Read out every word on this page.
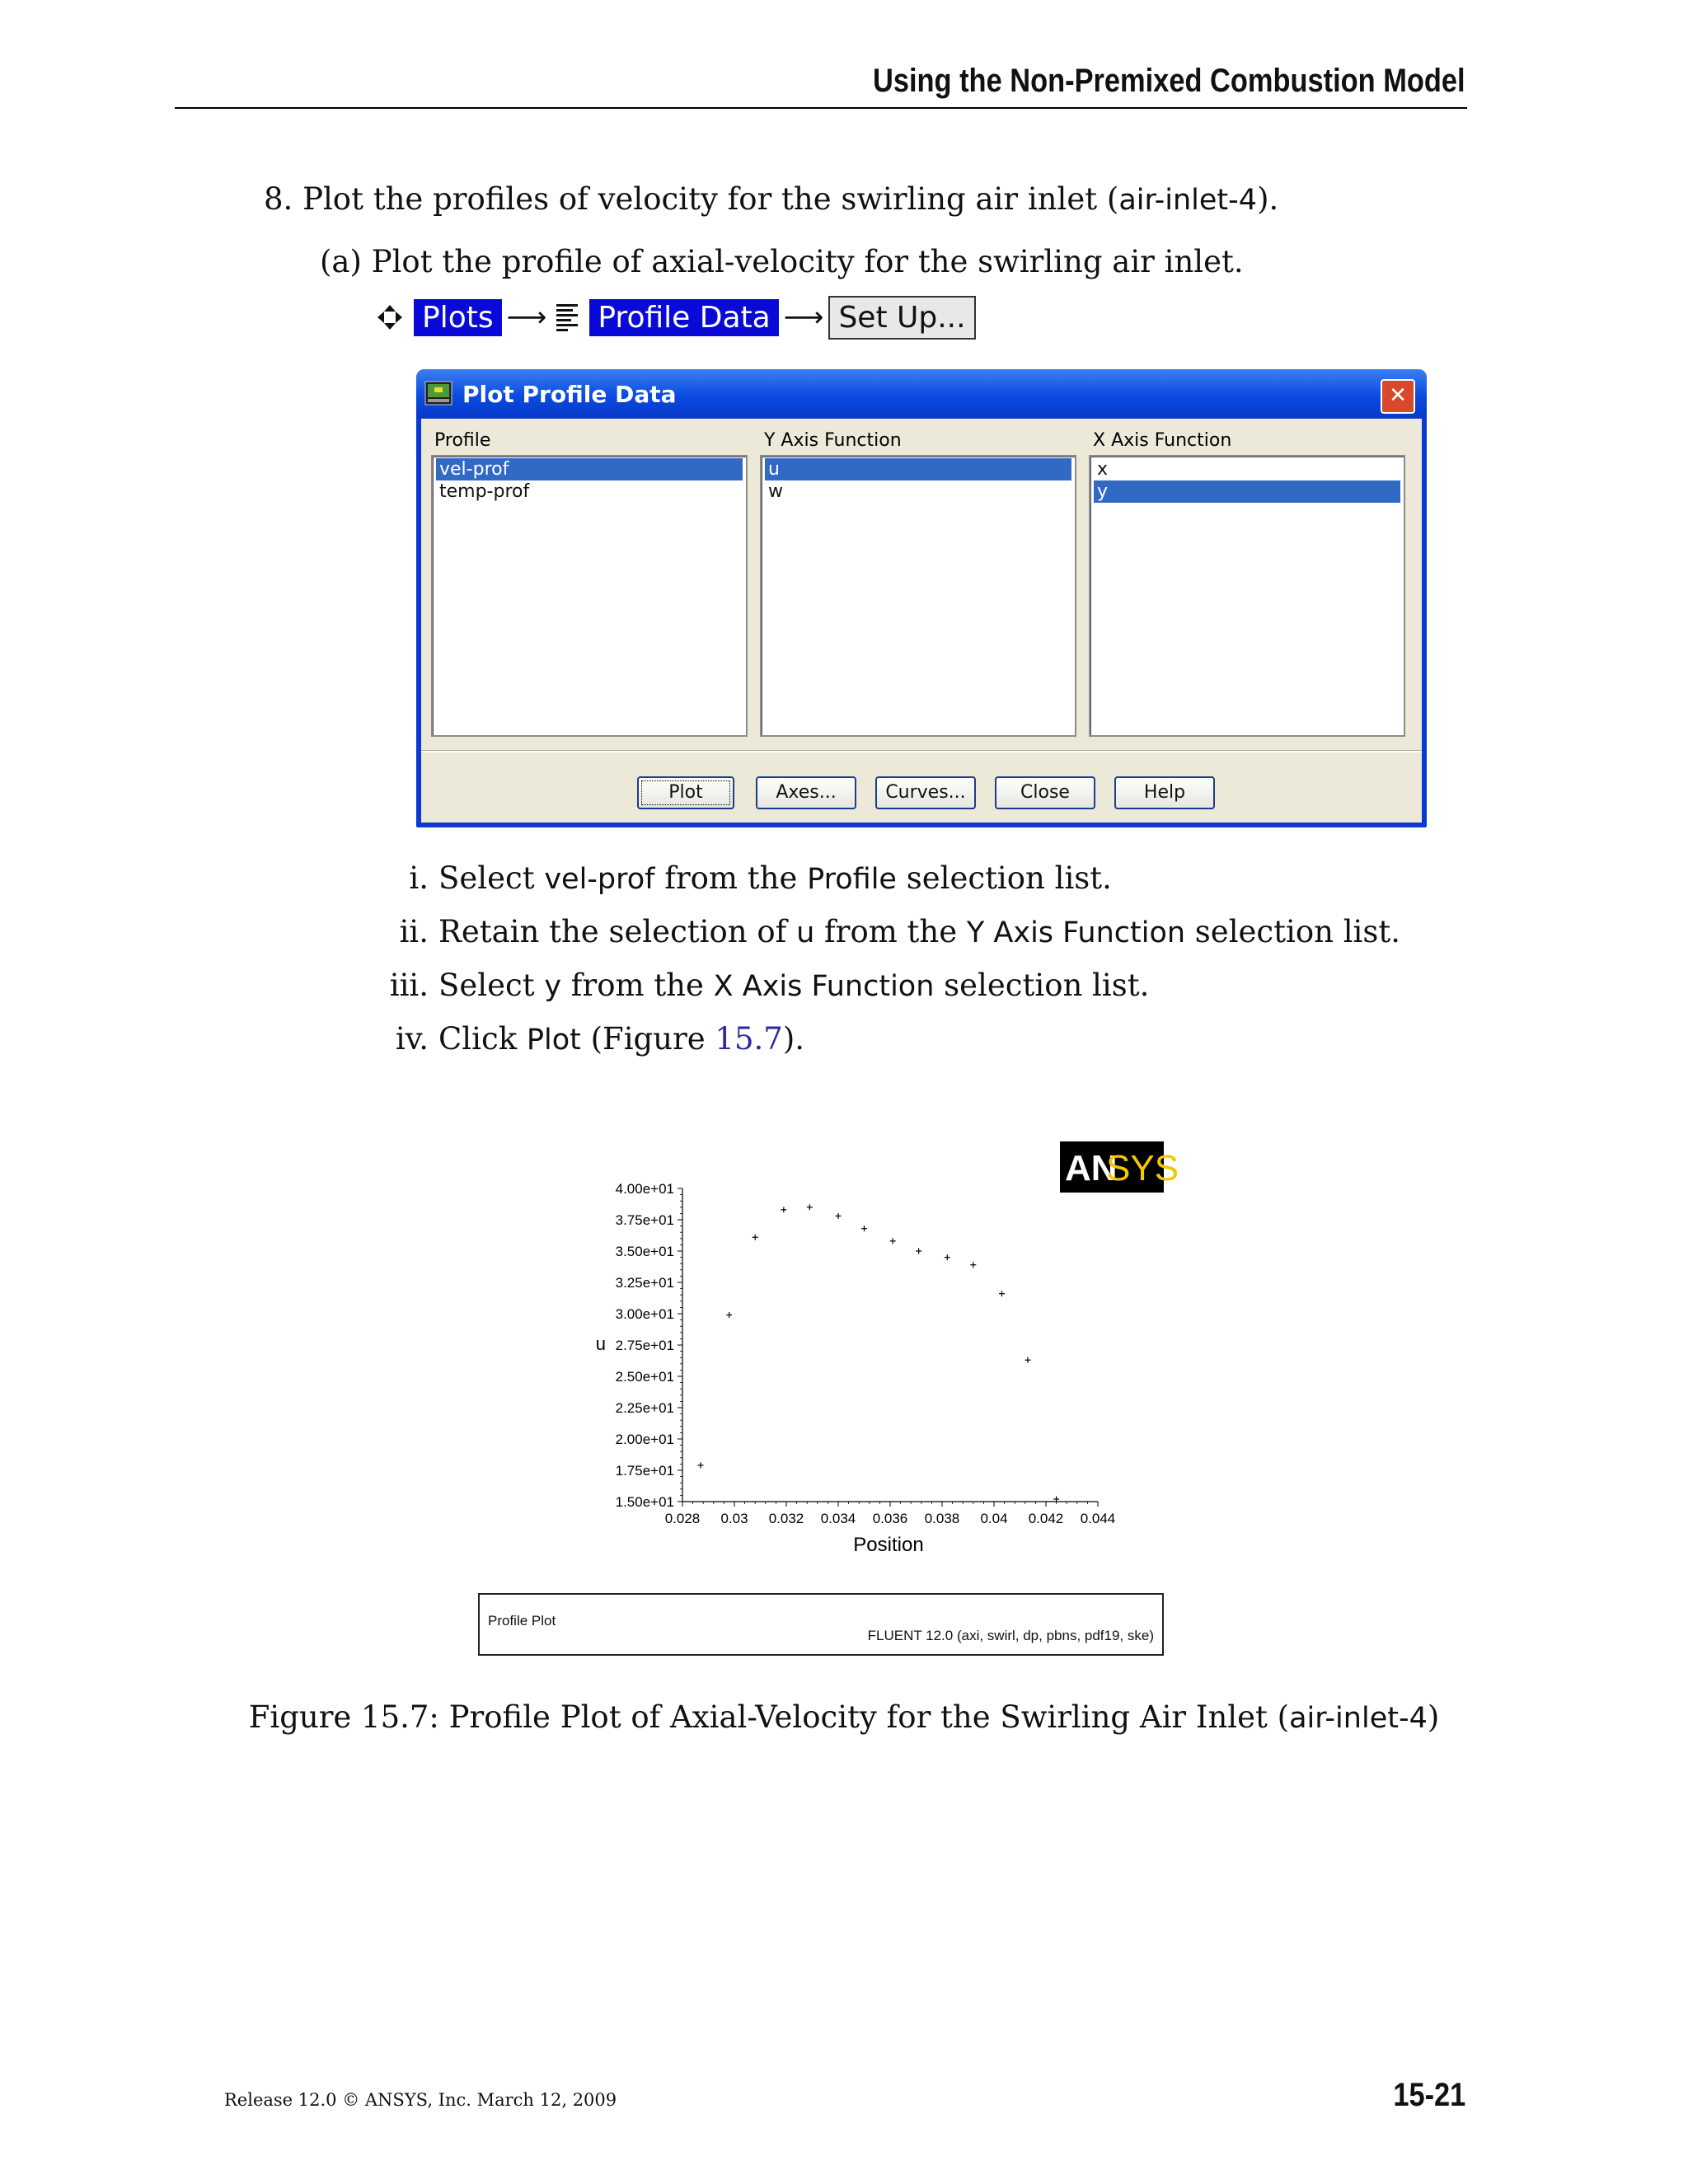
Using the Non-Premixed Combustion Model
8. Plot the profiles of velocity for the swirling air inlet (air-inlet-4).
(a) Plot the profile of axial-velocity for the swirling air inlet.
Plots ⟶ Profile Data ⟶ Set Up...
Plot Profile Data	✕
Profile	Y Axis Function	X Axis Function
vel-prof
temp-prof
u
w
x
y
Plot	Axes...	Curves...	Close	Help
i. Select vel-prof from the Profile selection list.
ii. Retain the selection of u from the Y Axis Function selection list.
iii. Select y from the X Axis Function selection list.
iv. Click Plot (Figure 15.7).
AN
SYS
1.50e+01
1.75e+01
2.00e+01
2.25e+01
2.50e+01
2.75e+01
3.00e+01
3.25e+01
3.50e+01
3.75e+01
4.00e+01
0.028 0.03 0.032 0.034 0.036 0.038 0.04 0.042 0.044
u
Position
Profile Plot
FLUENT 12.0 (axi, swirl, dp, pbns, pdf19, ske)
Figure 15.7: Profile Plot of Axial-Velocity for the Swirling Air Inlet (air-inlet-4)
Release 12.0 © ANSYS, Inc. March 12, 2009	15-21
